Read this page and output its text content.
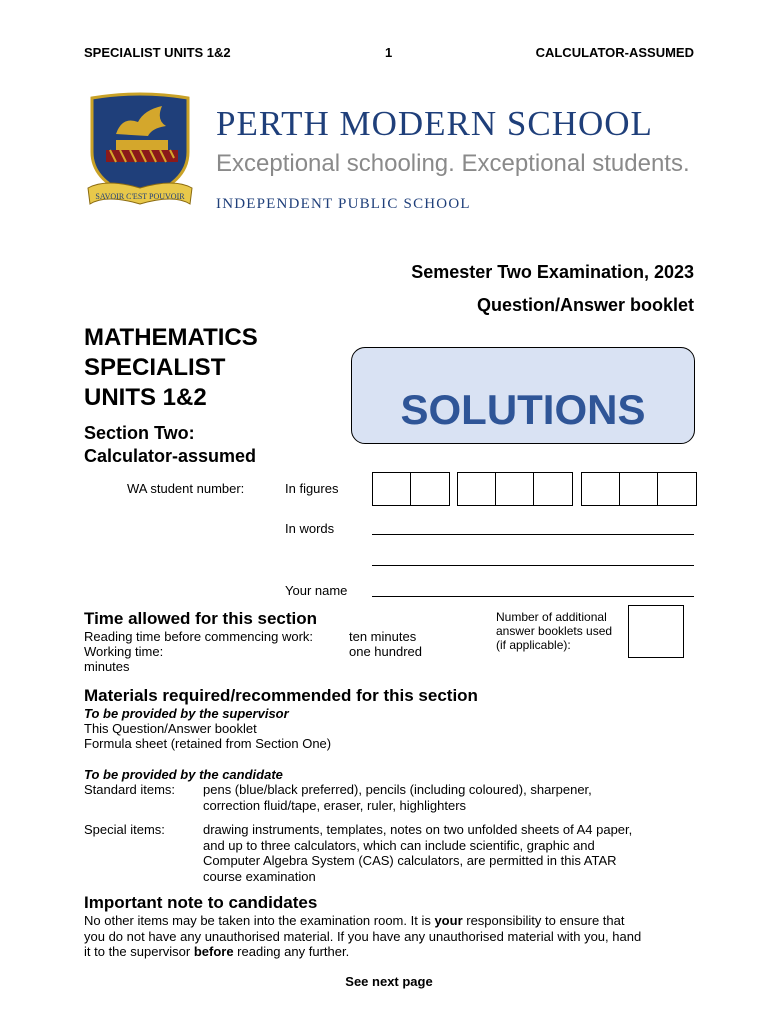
SPECIALIST UNITS 1&2	1	CALCULATOR-ASSUMED
SAVOIR C'EST POUVOIR
PERTH MODERN SCHOOL
Exceptional schooling. Exceptional students.
INDEPENDENT PUBLIC SCHOOL
Semester Two Examination, 2023
Question/Answer booklet
MATHEMATICS
SPECIALIST
UNITS 1&2
Section Two:
Calculator-assumed
SOLUTIONS
WA student number:	In figures
In words
Your name
Time allowed for this section
Reading time before commencing work:	ten minutes
Working time:	one hundred
minutes
Number of additional
answer booklets used
(if applicable):
Materials required/recommended for this section
To be provided by the supervisor
This Question/Answer booklet
Formula sheet (retained from Section One)
To be provided by the candidate
Standard items: pens (blue/black preferred), pencils (including coloured), sharpener,
correction fluid/tape, eraser, ruler, highlighters
Special items:	drawing instruments, templates, notes on two unfolded sheets of A4 paper,
and up to three calculators, which can include scientific, graphic and
Computer Algebra System (CAS) calculators, are permitted in this ATAR
course examination
Important note to candidates
No other items may be taken into the examination room. It is your responsibility to ensure that
you do not have any unauthorised material. If you have any unauthorised material with you, hand
it to the supervisor before reading any further.
See next page
